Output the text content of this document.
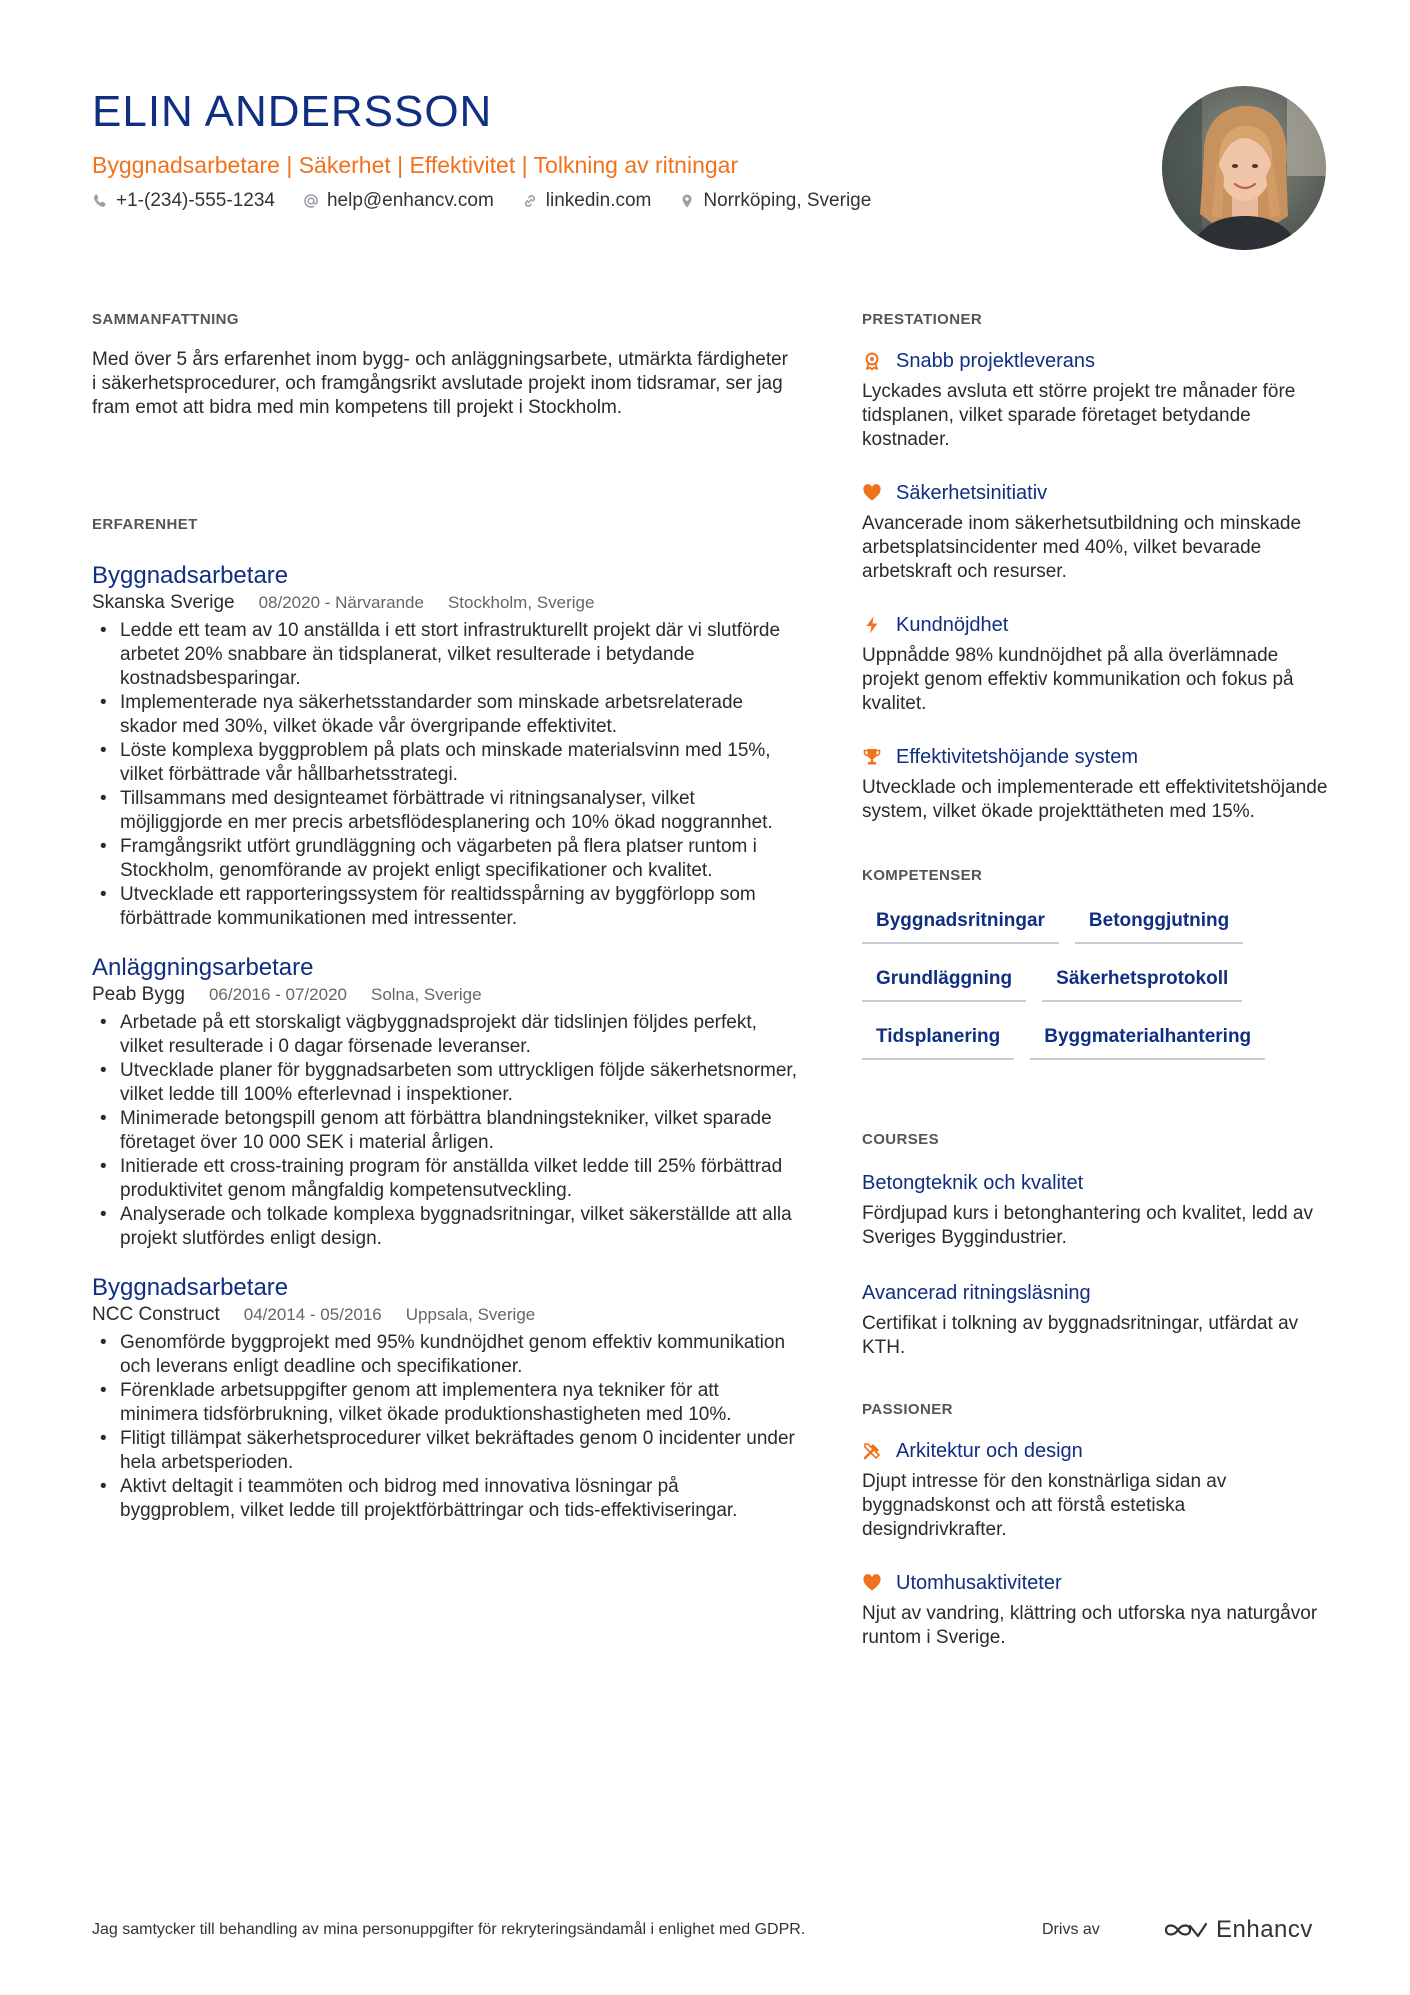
ELIN ANDERSSON
Byggnadsarbetare | Säkerhet | Effektivitet | Tolkning av ritningar
+1-(234)-555-1234	help@enhancv.com	linkedin.com	Norrköping, Sverige
SAMMANFATTNING
Med över 5 års erfarenhet inom bygg- och anläggningsarbete, utmärkta färdigheter i säkerhetsprocedurer, och framgångsrikt avslutade projekt inom tidsramar, ser jag fram emot att bidra med min kompetens till projekt i Stockholm.
ERFARENHET
Byggnadsarbetare
Skanska Sverige 08/2020 - Närvarande Stockholm, Sverige
• Ledde ett team av 10 anställda i ett stort infrastrukturellt projekt där vi slutförde arbetet 20% snabbare än tidsplanerat, vilket resulterade i betydande kostnadsbesparingar.
• Implementerade nya säkerhetsstandarder som minskade arbetsrelaterade skador med 30%, vilket ökade vår övergripande effektivitet.
• Löste komplexa byggproblem på plats och minskade materialsvinn med 15%, vilket förbättrade vår hållbarhetsstrategi.
• Tillsammans med designteamet förbättrade vi ritningsanalyser, vilket möjliggjorde en mer precis arbetsflödesplanering och 10% ökad noggrannhet.
• Framgångsrikt utfört grundläggning och vägarbeten på flera platser runtom i Stockholm, genomförande av projekt enligt specifikationer och kvalitet.
• Utvecklade ett rapporteringssystem för realtidsspårning av byggförlopp som förbättrade kommunikationen med intressenter.
Anläggningsarbetare
Peab Bygg 06/2016 - 07/2020 Solna, Sverige
• Arbetade på ett storskaligt vägbyggnadsprojekt där tidslinjen följdes perfekt, vilket resulterade i 0 dagar försenade leveranser.
• Utvecklade planer för byggnadsarbeten som uttryckligen följde säkerhetsnormer, vilket ledde till 100% efterlevnad i inspektioner.
• Minimerade betongspill genom att förbättra blandningstekniker, vilket sparade företaget över 10 000 SEK i material årligen.
• Initierade ett cross-training program för anställda vilket ledde till 25% förbättrad produktivitet genom mångfaldig kompetensutveckling.
• Analyserade och tolkade komplexa byggnadsritningar, vilket säkerställde att alla projekt slutfördes enligt design.
Byggnadsarbetare
NCC Construct 04/2014 - 05/2016 Uppsala, Sverige
• Genomförde byggprojekt med 95% kundnöjdhet genom effektiv kommunikation och leverans enligt deadline och specifikationer.
• Förenklade arbetsuppgifter genom att implementera nya tekniker för att minimera tidsförbrukning, vilket ökade produktionshastigheten med 10%.
• Flitigt tillämpat säkerhetsprocedurer vilket bekräftades genom 0 incidenter under hela arbetsperioden.
• Aktivt deltagit i teammöten och bidrog med innovativa lösningar på byggproblem, vilket ledde till projektförbättringar och tids-effektiviseringar.
PRESTATIONER
Snabb projektleverans
Lyckades avsluta ett större projekt tre månader före tidsplanen, vilket sparade företaget betydande kostnader.
Säkerhetsinitiativ
Avancerade inom säkerhetsutbildning och minskade arbetsplatsincidenter med 40%, vilket bevarade arbetskraft och resurser.
Kundnöjdhet
Uppnådde 98% kundnöjdhet på alla överlämnade projekt genom effektiv kommunikation och fokus på kvalitet.
Effektivitetshöjande system
Utvecklade och implementerade ett effektivitetshöjande system, vilket ökade projekttätheten med 15%.
KOMPETENSER
Byggnadsritningar	Betonggjutning
Grundläggning	Säkerhetsprotokoll
Tidsplanering	Byggmaterialhantering
COURSES
Betongteknik och kvalitet
Fördjupad kurs i betonghantering och kvalitet, ledd av Sveriges Byggindustrier.
Avancerad ritningsläsning
Certifikat i tolkning av byggnadsritningar, utfärdat av KTH.
PASSIONER
Arkitektur och design
Djupt intresse för den konstnärliga sidan av byggnadskonst och att förstå estetiska designdrivkrafter.
Utomhusaktiviteter
Njut av vandring, klättring och utforska nya naturgåvor runtom i Sverige.
Jag samtycker till behandling av mina personuppgifter för rekryteringsändamål i enlighet med GDPR.	Drivs av	Enhancv
